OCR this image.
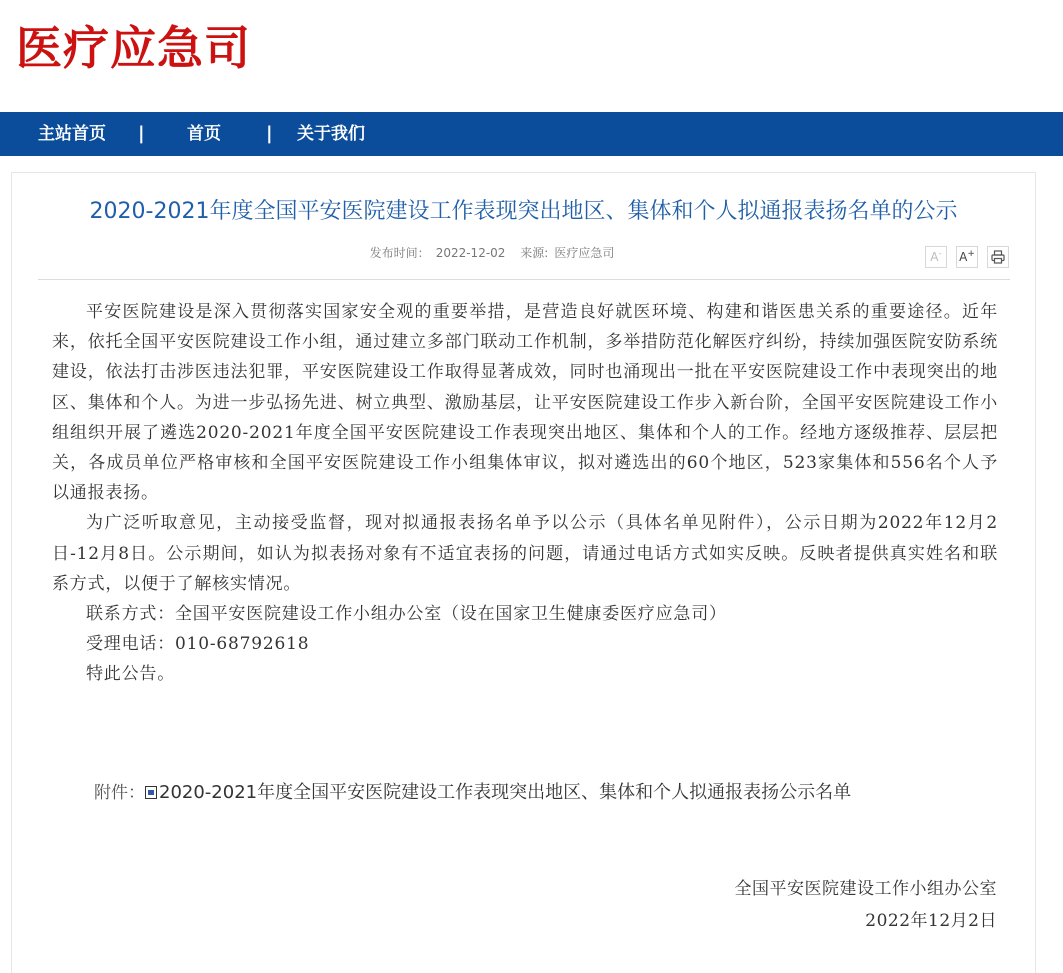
医疗应急司
主站首页 | 首页	| 关于我们
2020-2021年度全国平安医院建设工作表现突出地区、集体和个人拟通报表扬名单的公示
发布时间： 2022-12-02 来源: 医疗应急司	A-	A+

平安医院建设是深入贯彻落实国家安全观的重要举措，是营造良好就医环境、构建和谐医患关系的重要途径。近年来，依托全国平安医院建设工作小组，通过建立多部门联动工作机制，多举措防范化解医疗纠纷，持续加强医院安防系统建设，依法打击涉医违法犯罪，平安医院建设工作取得显著成效，同时也涌现出一批在平安医院建设工作中表现突出的地区、集体和个人。为进一步弘扬先进、树立典型、激励基层，让平安医院建设工作步入新台阶，全国平安医院建设工作小组组织开展了遴选2020-2021年度全国平安医院建设工作表现突出地区、集体和个人的工作。经地方逐级推荐、层层把关，各成员单位严格审核和全国平安医院建设工作小组集体审议，拟对遴选出的60个地区，523家集体和556名个人予以通报表扬。

为广泛听取意见，主动接受监督，现对拟通报表扬名单予以公示（具体名单见附件），公示日期为2022年12月2日-12月8日。公示期间，如认为拟表扬对象有不适宜表扬的问题，请通过电话方式如实反映。反映者提供真实姓名和联系方式，以便于了解核实情况。

联系方式：全国平安医院建设工作小组办公室（设在国家卫生健康委医疗应急司）

受理电话：010-68792618

特此公告。

附件： 2020-2021年度全国平安医院建设工作表现突出地区、集体和个人拟通报表扬公示名单
全国平安医院建设工作小组办公室
2022年12月2日
